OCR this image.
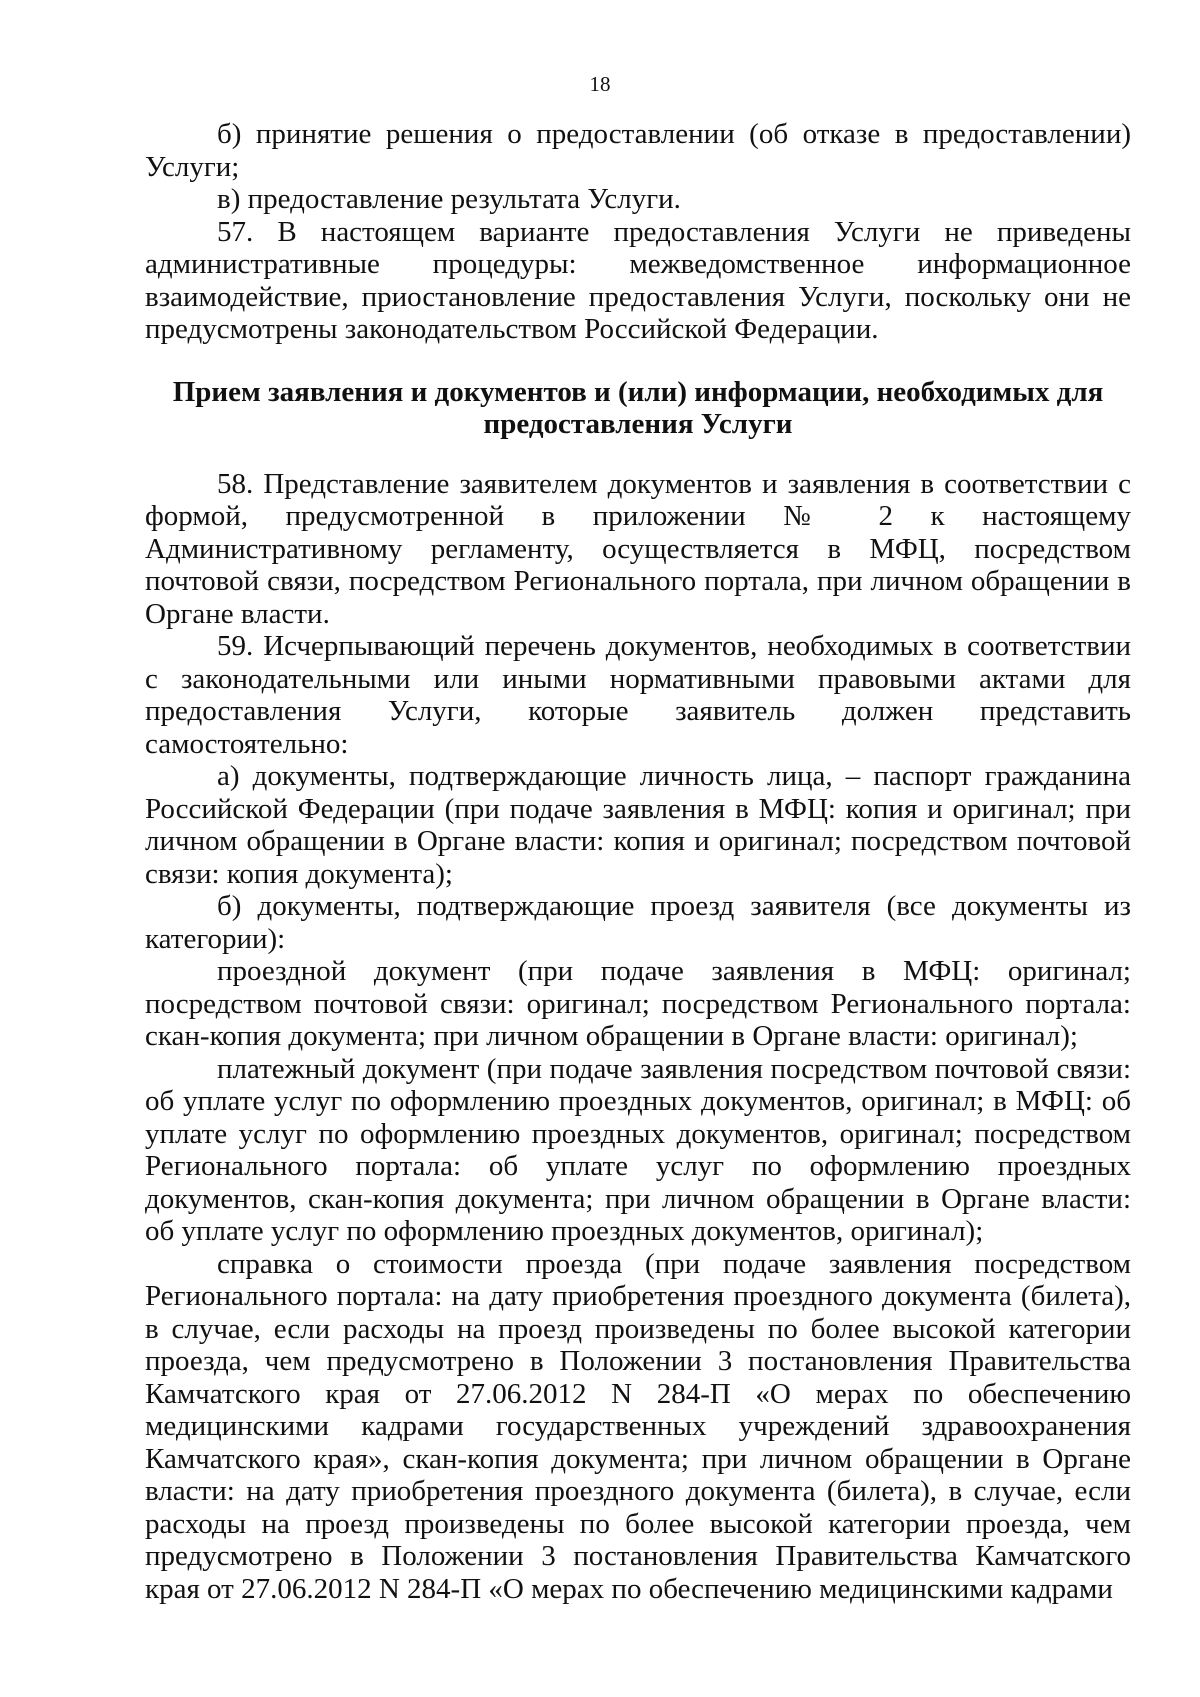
18

б) принятие решения о предоставлении (об отказе в предоставлении) Услуги;

в) предоставление результата Услуги.

57. В настоящем варианте предоставления Услуги не приведены административные процедуры: межведомственное информационное взаимодействие, приостановление предоставления Услуги, поскольку они не предусмотрены законодательством Российской Федерации.

Прием заявления и документов и (или) информации, необходимых для предоставления Услуги

58. Представление заявителем документов и заявления в соответствии с формой, предусмотренной в приложении № 2 к настоящему Административному регламенту, осуществляется в МФЦ, посредством почтовой связи, посредством Регионального портала, при личном обращении в Органе власти.

59. Исчерпывающий перечень документов, необходимых в соответствии с законодательными или иными нормативными правовыми актами для предоставления Услуги, которые заявитель должен представить самостоятельно:

а) документы, подтверждающие личность лица, – паспорт гражданина Российской Федерации (при подаче заявления в МФЦ: копия и оригинал; при личном обращении в Органе власти: копия и оригинал; посредством почтовой связи: копия документа);

б) документы, подтверждающие проезд заявителя (все документы из категории):

проездной документ (при подаче заявления в МФЦ: оригинал; посредством почтовой связи: оригинал; посредством Регионального портала: скан-копия документа; при личном обращении в Органе власти: оригинал);

платежный документ (при подаче заявления посредством почтовой связи: об уплате услуг по оформлению проездных документов, оригинал; в МФЦ: об уплате услуг по оформлению проездных документов, оригинал; посредством Регионального портала: об уплате услуг по оформлению проездных документов, скан-копия документа; при личном обращении в Органе власти: об уплате услуг по оформлению проездных документов, оригинал);

справка о стоимости проезда (при подаче заявления посредством Регионального портала: на дату приобретения проездного документа (билета), в случае, если расходы на проезд произведены по более высокой категории проезда, чем предусмотрено в Положении 3 постановления Правительства Камчатского края от 27.06.2012 N 284-П «О мерах по обеспечению медицинскими кадрами государственных учреждений здравоохранения Камчатского края», скан-копия документа; при личном обращении в Органе власти: на дату приобретения проездного документа (билета), в случае, если расходы на проезд произведены по более высокой категории проезда, чем предусмотрено в Положении 3 постановления Правительства Камчатского края от 27.06.2012 N 284-П «О мерах по обеспечению медицинскими кадрами
